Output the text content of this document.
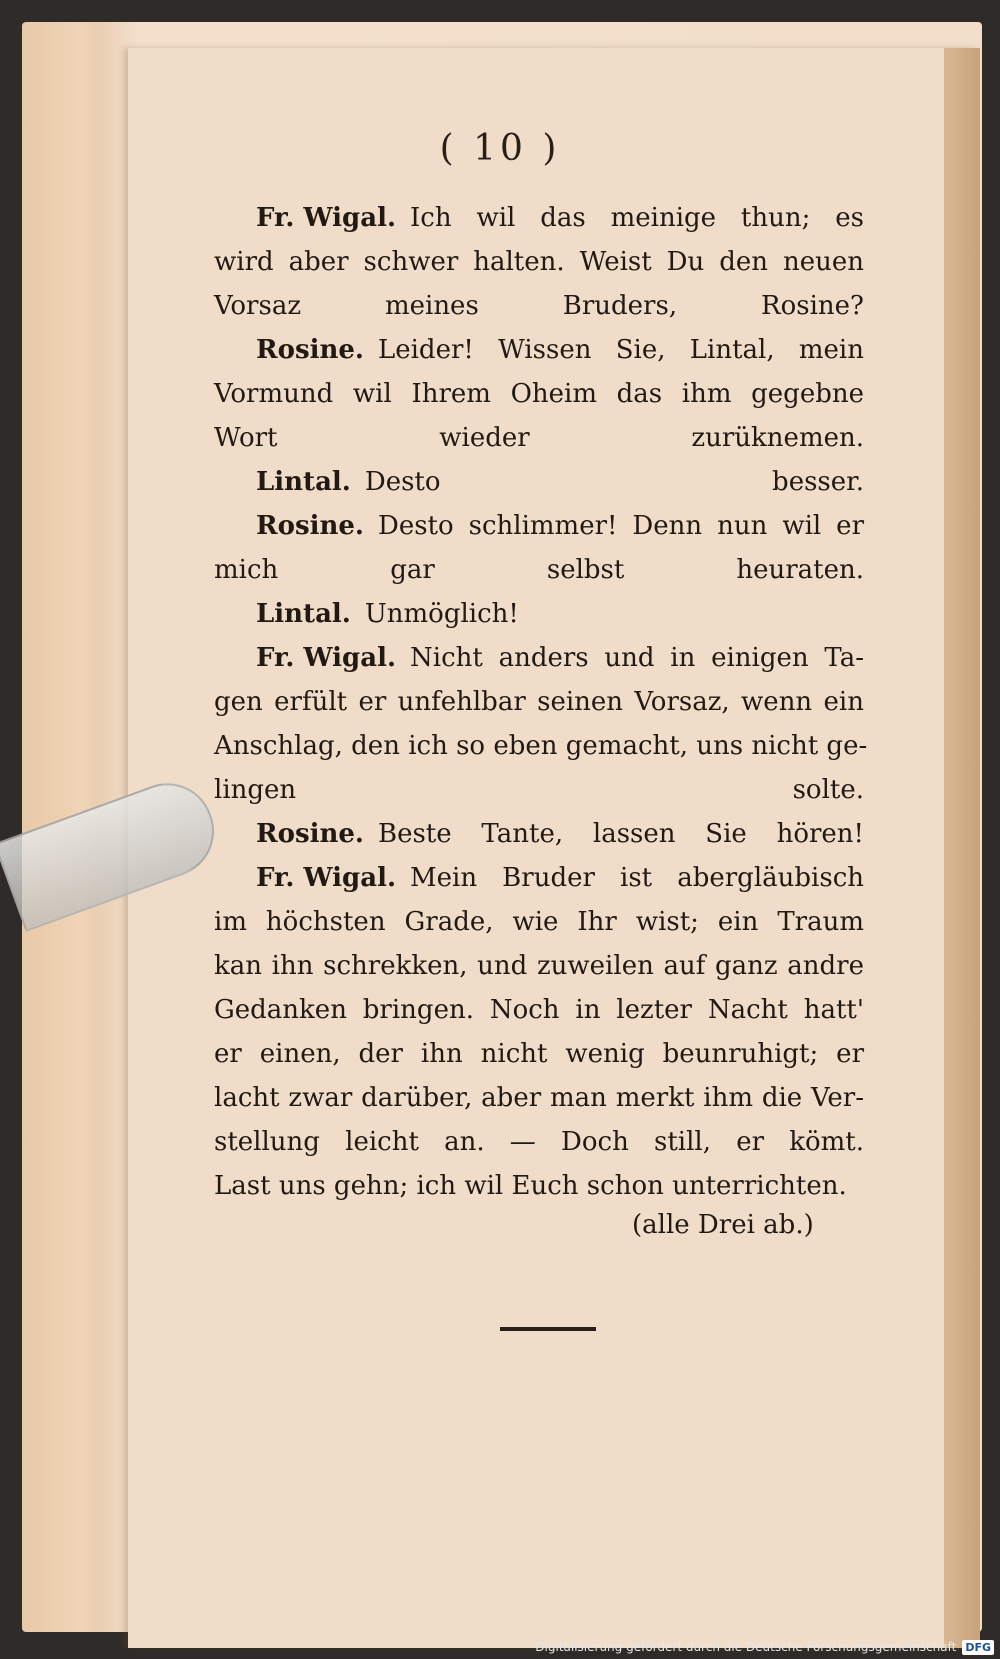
( 10 )
Fr. Wigal. Ich wil das meinige thun; es
wird aber schwer halten. Weist Du den neuen
Vorsaz meines Bruders, Rosine?
Rosine. Leider! Wissen Sie, Lintal, mein
Vormund wil Ihrem Oheim das ihm gegebne
Wort wieder zurüknemen.
Lintal. Desto besser.
Rosine. Desto schlimmer! Denn nun wil er
mich gar selbst heuraten.
Lintal. Unmöglich!
Fr. Wigal. Nicht anders und in einigen Ta-
gen erfült er unfehlbar seinen Vorsaz, wenn ein
Anschlag, den ich so eben gemacht, uns nicht ge-
lingen solte.
Rosine. Beste Tante, lassen Sie hören!
Fr. Wigal. Mein Bruder ist abergläubisch
im höchsten Grade, wie Ihr wist; ein Traum
kan ihn schrekken, und zuweilen auf ganz andre
Gedanken bringen. Noch in lezter Nacht hatt'
er einen, der ihn nicht wenig beunruhigt; er
lacht zwar darüber, aber man merkt ihm die Ver-
stellung leicht an. — Doch still, er kömt.
Last uns gehn; ich wil Euch schon unterrichten.
(alle Drei ab.)
Digitalisierung gefördert durch die Deutsche Forschungsgemeinschaft DFG
